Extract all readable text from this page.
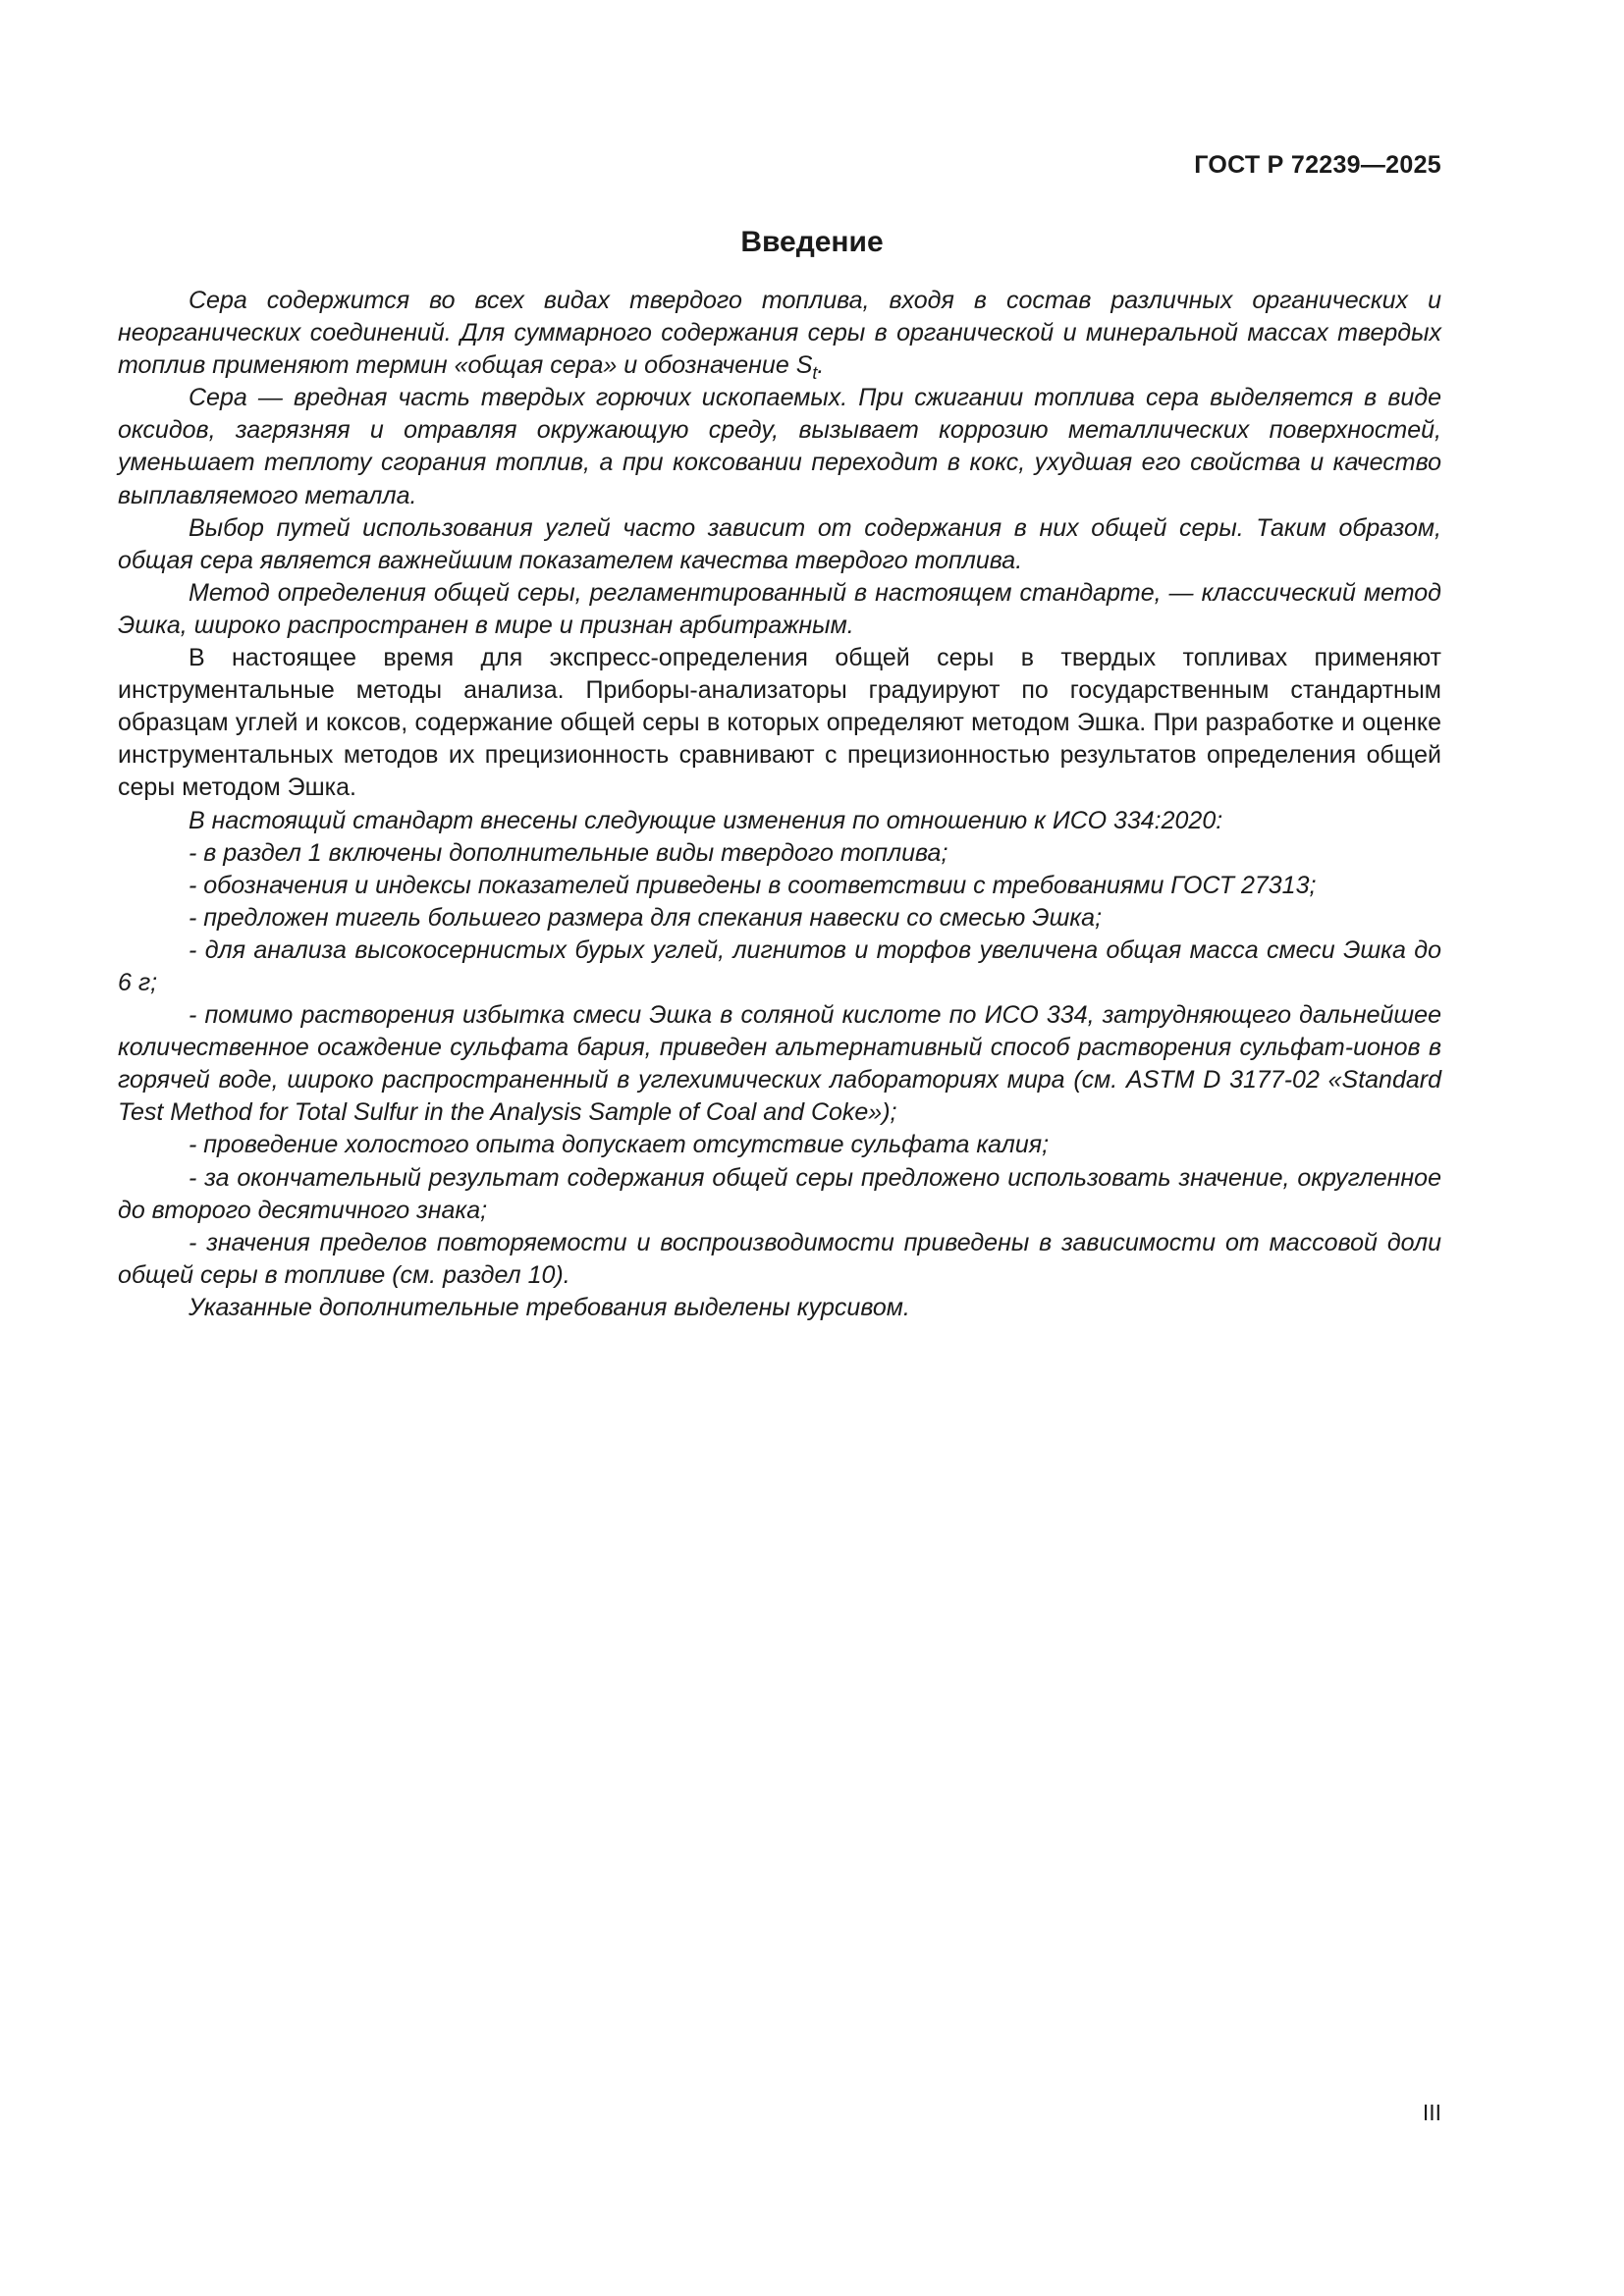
ГОСТ Р 72239—2025
Введение

Сера содержится во всех видах твердого топлива, входя в состав различных органических и неорганических соединений. Для суммарного содержания серы в органической и минеральной массах твердых топлив применяют термин «общая сера» и обозначение $S_t$.

Сера — вредная часть твердых горючих ископаемых. При сжигании топлива сера выделяется в виде оксидов, загрязняя и отравляя окружающую среду, вызывает коррозию металлических поверхностей, уменьшает теплоту сгорания топлив, а при коксовании переходит в кокс, ухудшая его свойства и качество выплавляемого металла.

Выбор путей использования углей часто зависит от содержания в них общей серы. Таким образом, общая сера является важнейшим показателем качества твердого топлива.

Метод определения общей серы, регламентированный в настоящем стандарте, — классический метод Эшка, широко распространен в мире и признан арбитражным.

В настоящее время для экспресс-определения общей серы в твердых топливах применяют инструментальные методы анализа. Приборы-анализаторы градуируют по государственным стандартным образцам углей и коксов, содержание общей серы в которых определяют методом Эшка. При разработке и оценке инструментальных методов их прецизионность сравнивают с прецизионностью результатов определения общей серы методом Эшка.

В настоящий стандарт внесены следующие изменения по отношению к ИСО 334:2020:

- в раздел 1 включены дополнительные виды твердого топлива;

- обозначения и индексы показателей приведены в соответствии с требованиями ГОСТ 27313;

- предложен тигель большего размера для спекания навески со смесью Эшка;

- для анализа высокосернистых бурых углей, лигнитов и торфов увеличена общая масса смеси Эшка до 6 г;

- помимо растворения избытка смеси Эшка в соляной кислоте по ИСО 334, затрудняющего дальнейшее количественное осаждение сульфата бария, приведен альтернативный способ растворения сульфат-ионов в горячей воде, широко распространенный в углехимических лабораториях мира (см. ASTM D 3177-02 «Standard Test Method for Total Sulfur in the Analysis Sample of Coal and Coke»);

- проведение холостого опыта допускает отсутствие сульфата калия;

- за окончательный результат содержания общей серы предложено использовать значение, округленное до второго десятичного знака;

- значения пределов повторяемости и воспроизводимости приведены в зависимости от массовой доли общей серы в топливе (см. раздел 10).

Указанные дополнительные требования выделены курсивом.

III
